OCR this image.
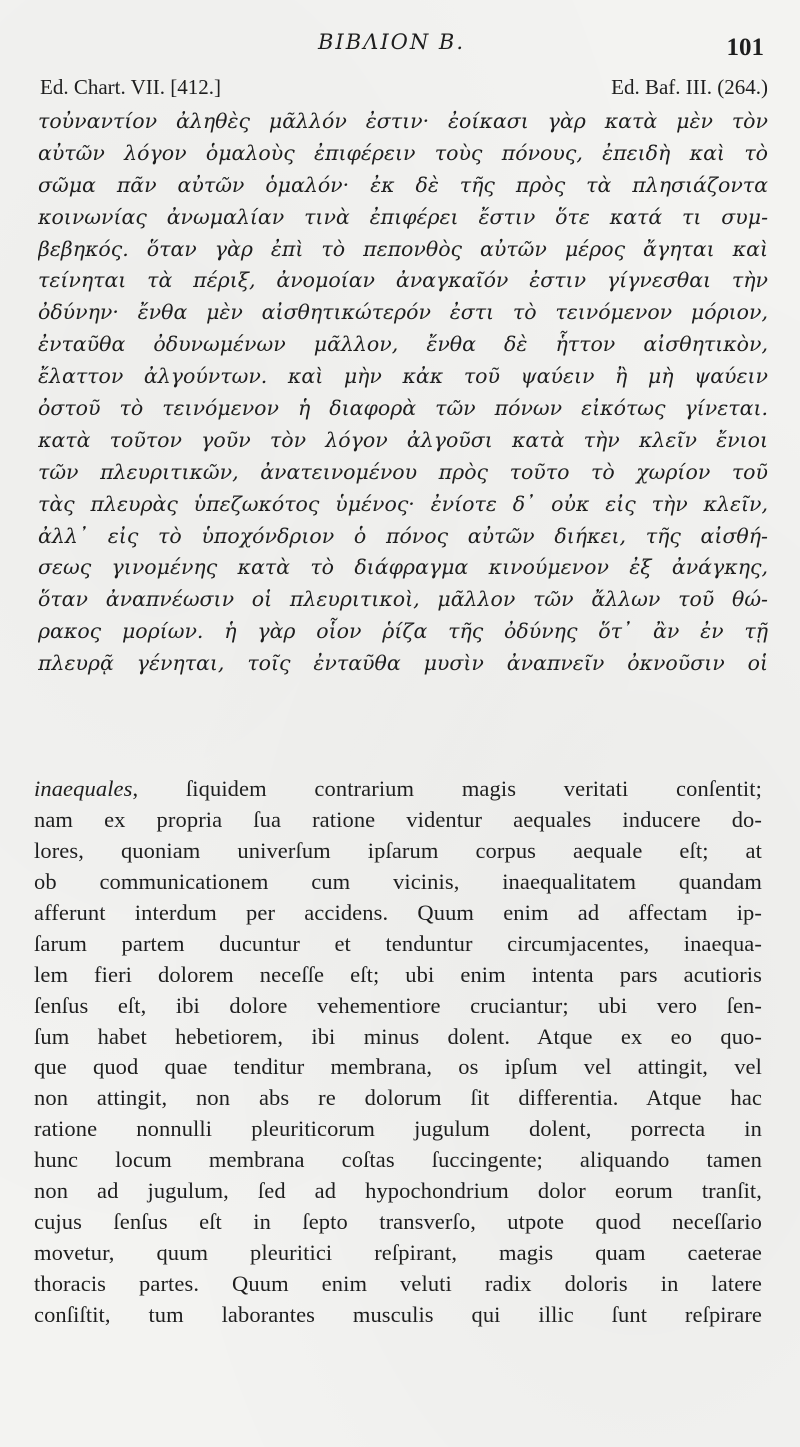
BIBΛΙΟΝ Β.	101
Ed. Chart. VII. [412.]	Ed. Baf. III. (264.)
τοὐναντίον ἀληθὲς μᾶλλόν ἐστιν· ἐοίκασι γὰρ κατὰ μὲν τὸν
αὐτῶν λόγον ὁμαλοὺς ἐπιφέρειν τοὺς πόνους, ἐπειδὴ καὶ τὸ
σῶμα πᾶν αὐτῶν ὁμαλόν· ἐκ δὲ τῆς πρὸς τὰ πλησιάζοντα
κοινωνίας ἀνωμαλίαν τινὰ ἐπιφέρει ἔστιν ὅτε κατά τι συμ-
βεβηκός. ὅταν γὰρ ἐπὶ τὸ πεπονθὸς αὐτῶν μέρος ἄγηται καὶ
τείνηται τὰ πέριξ, ἀνομοίαν ἀναγκαῖόν ἐστιν γίγνεσθαι τὴν
ὀδύνην· ἔνθα μὲν αἰσθητικώτερόν ἐστι τὸ τεινόμενον μόριον,
ἐνταῦθα ὀδυνωμένων μᾶλλον, ἔνθα δὲ ἧττον αἰσθητικὸν,
ἔλαττον ἀλγούντων. καὶ μὴν κἀκ τοῦ ψαύειν ἢ μὴ ψαύειν
ὀστοῦ τὸ τεινόμενον ἡ διαφορὰ τῶν πόνων εἰκότως γίνεται.
κατὰ τοῦτον γοῦν τὸν λόγον ἀλγοῦσι κατὰ τὴν κλεῖν ἔνιοι
τῶν πλευριτικῶν, ἀνατεινομένου πρὸς τοῦτο τὸ χωρίον τοῦ
τὰς πλευρὰς ὑπεζωκότος ὑμένος· ἐνίοτε δ᾽ οὐκ εἰς τὴν κλεῖν,
ἀλλ᾽ εἰς τὸ ὑποχόνδριον ὁ πόνος αὐτῶν διήκει, τῆς αἰσθή-
σεως γινομένης κατὰ τὸ διάφραγμα κινούμενον ἐξ ἀνάγκης,
ὅταν ἀναπνέωσιν οἱ πλευριτικοὶ, μᾶλλον τῶν ἄλλων τοῦ θώ-
ρακος μορίων. ἡ γὰρ οἷον ῥίζα τῆς ὀδύνης ὅτ᾽ ἂν ἐν τῇ
πλευρᾷ γένηται, τοῖς ἐνταῦθα μυσὶν ἀναπνεῖν ὀκνοῦσιν οἱ
inaequales, ſiquidem contrarium magis veritati conſentit;
nam ex propria ſua ratione videntur aequales inducere do-
lores, quoniam univerſum ipſarum corpus aequale eſt; at
ob communicationem cum vicinis, inaequalitatem quandam
afferunt interdum per accidens. Quum enim ad affectam ip-
ſarum partem ducuntur et tenduntur circumjacentes, inaequa-
lem fieri dolorem neceſſe eſt; ubi enim intenta pars acutioris
ſenſus eſt, ibi dolore vehementiore cruciantur; ubi vero ſen-
ſum habet hebetiorem, ibi minus dolent. Atque ex eo quo-
que quod quae tenditur membrana, os ipſum vel attingit, vel
non attingit, non abs re dolorum ſit differentia. Atque hac
ratione nonnulli pleuriticorum jugulum dolent, porrecta in
hunc locum membrana coſtas ſuccingente; aliquando tamen
non ad jugulum, ſed ad hypochondrium dolor eorum tranſit,
cujus ſenſus eſt in ſepto transverſo, utpote quod neceſſario
movetur, quum pleuritici reſpirant, magis quam caeterae
thoracis partes. Quum enim veluti radix doloris in latere
conſiſtit, tum laborantes musculis qui illic ſunt reſpirare
